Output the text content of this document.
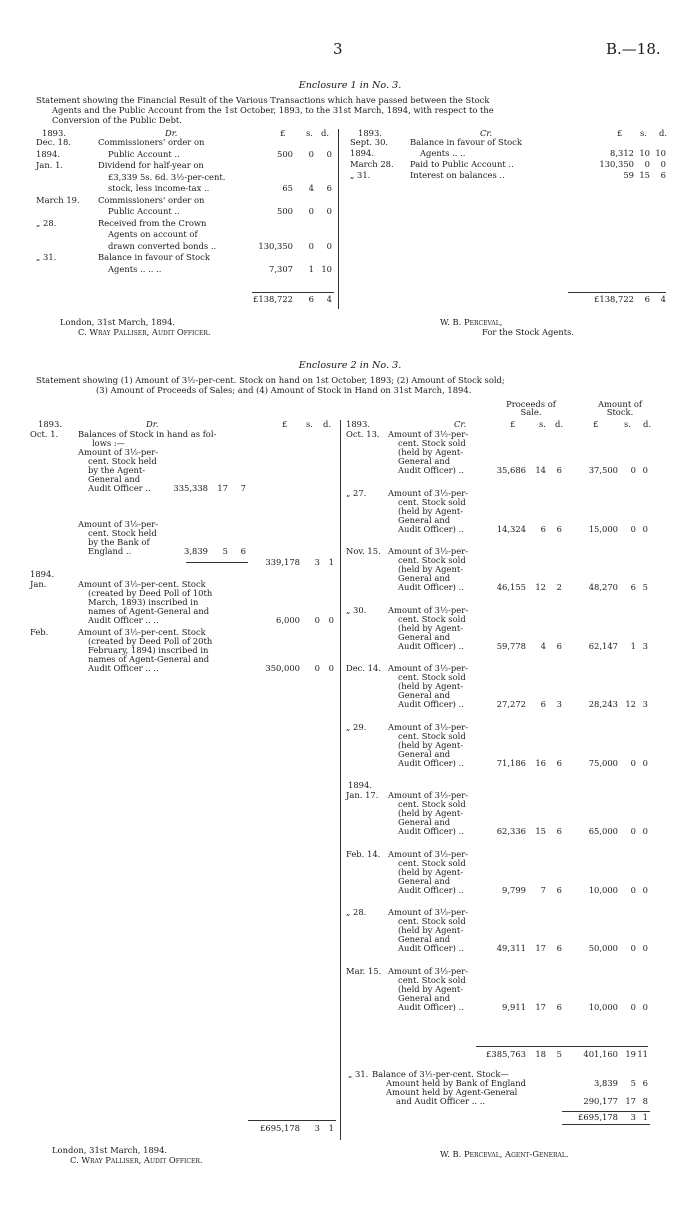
3	B.—18.
Enclosure 1 in No. 3.
Statement showing the Financial Result of the Various Transactions which have passed between the Stock
Agents and the Public Account from the 1st October, 1893, to the 31st March, 1894, with respect to the
Conversion of the Public Debt.
1893.	Dr.	£ s. d.
Dec. 18.	Commissioners' order on
1894.	Public Account ..	500	0	0
Jan. 1.	Dividend for half-year on
£3,339 5s. 6d. 3½-per-cent.
stock, less income-tax ..	65	4	6
March 19. Commissioners' order on
Public Account ..	500	0	0
„ 28.	Received from the Crown
Agents on account of
drawn converted bonds ..	130,350	0	0
„ 31.	Balance in favour of Stock
Agents .. .. ..	7,307	1 10
£138,722	6	4
1893.	Cr.	£ s. d.
Sept. 30.	Balance in favour of Stock
1894.	Agents .. ..	8,312 10 10
March 28. Paid to Public Account ..	130,350	0	0
„ 31.	Interest on balances ..	59 15	6
£138,722	6	4
London, 31st March, 1894.
C. Wray Palliser, Audit Officer.
W. B. Perceval,
For the Stock Agents.
Enclosure 2 in No. 3.
Statement showing (1) Amount of 3½-per-cent. Stock on hand on 1st October, 1893; (2) Amount of Stock sold;
(3) Amount of Proceeds of Sales; and (4) Amount of Stock in Hand on 31st March, 1894.
Proceeds of
Sale.
Amount of
Stock.
1893.	Dr.	£ s. d.
Oct. 1. Balances of Stock in hand as fol-
lows :—
Amount of 3½-per-
cent. Stock held
by the Agent-
General and
Audit Officer ..	335,338	17	7
Amount of 3½-per-
cent. Stock held
by the Bank of
England ..	3,839	5	6
339,178	3	1
1894.
Jan.	Amount of 3½-per-cent. Stock
(created by Deed Poll of 10th
March, 1893) inscribed in
names of Agent-General and
Audit Officer .. ..	6,000	0	0
Feb.	Amount of 3½-per-cent. Stock
(created by Deed Poll of 20th
February, 1894) inscribed in
names of Agent-General and
Audit Officer .. ..	350,000	0	0
£695,178	3	1
1893.	Cr.	£	s. d.	£	s. d.
Oct. 13. Amount of 3½-per-
cent. Stock sold
(held by Agent-
General and
Audit Officer) ..	35,686	14	6	37,500	0 0
„ 27.	Amount of 3½-per-
cent. Stock sold
(held by Agent-
General and
Audit Officer) ..	14,324	6	6	15,000	0 0
Nov. 15. Amount of 3½-per-
cent. Stock sold
(held by Agent-
General and
Audit Officer) ..	46,155	12	2	48,270	6 5
„ 30.	Amount of 3½-per-
cent. Stock sold
(held by Agent-
General and
Audit Officer) ..	59,778	4	6	62,147	1 3
Dec. 14. Amount of 3½-per-
cent. Stock sold
(held by Agent-
General and
Audit Officer) ..	27,272	6	3	28,243 12 3
„ 29.	Amount of 3½-per-
cent. Stock sold
(held by Agent-
General and
Audit Officer) ..	71,186	16	6	75,000	0 0
1894.
Jan. 17. Amount of 3½-per-
cent. Stock sold
(held by Agent-
General and
Audit Officer) ..	62,336	15	6	65,000	0 0
Feb. 14. Amount of 3½-per-
cent. Stock sold
(held by Agent-
General and
Audit Officer) ..	9,799	7	6	10,000	0 0
„ 28.	Amount of 3½-per-
cent. Stock sold
(held by Agent-
General and
Audit Officer) ..	49,311	17	6	50,000	0 0
Mar. 15. Amount of 3½-per-
cent. Stock sold
(held by Agent-
General and
Audit Officer) ..	9,911	17	6	10,000	0 0
£385,763	18	5	401,160 19 11
„ 31. Balance of 3½-per-cent. Stock—
Amount held by Bank of England
Amount held by Agent-General
and Audit Officer .. ..
3,839	5 6
290,177 17 8
£695,178	3 1
London, 31st March, 1894.
C. Wray Palliser, Audit Officer.
W. B. Perceval, Agent-General.
